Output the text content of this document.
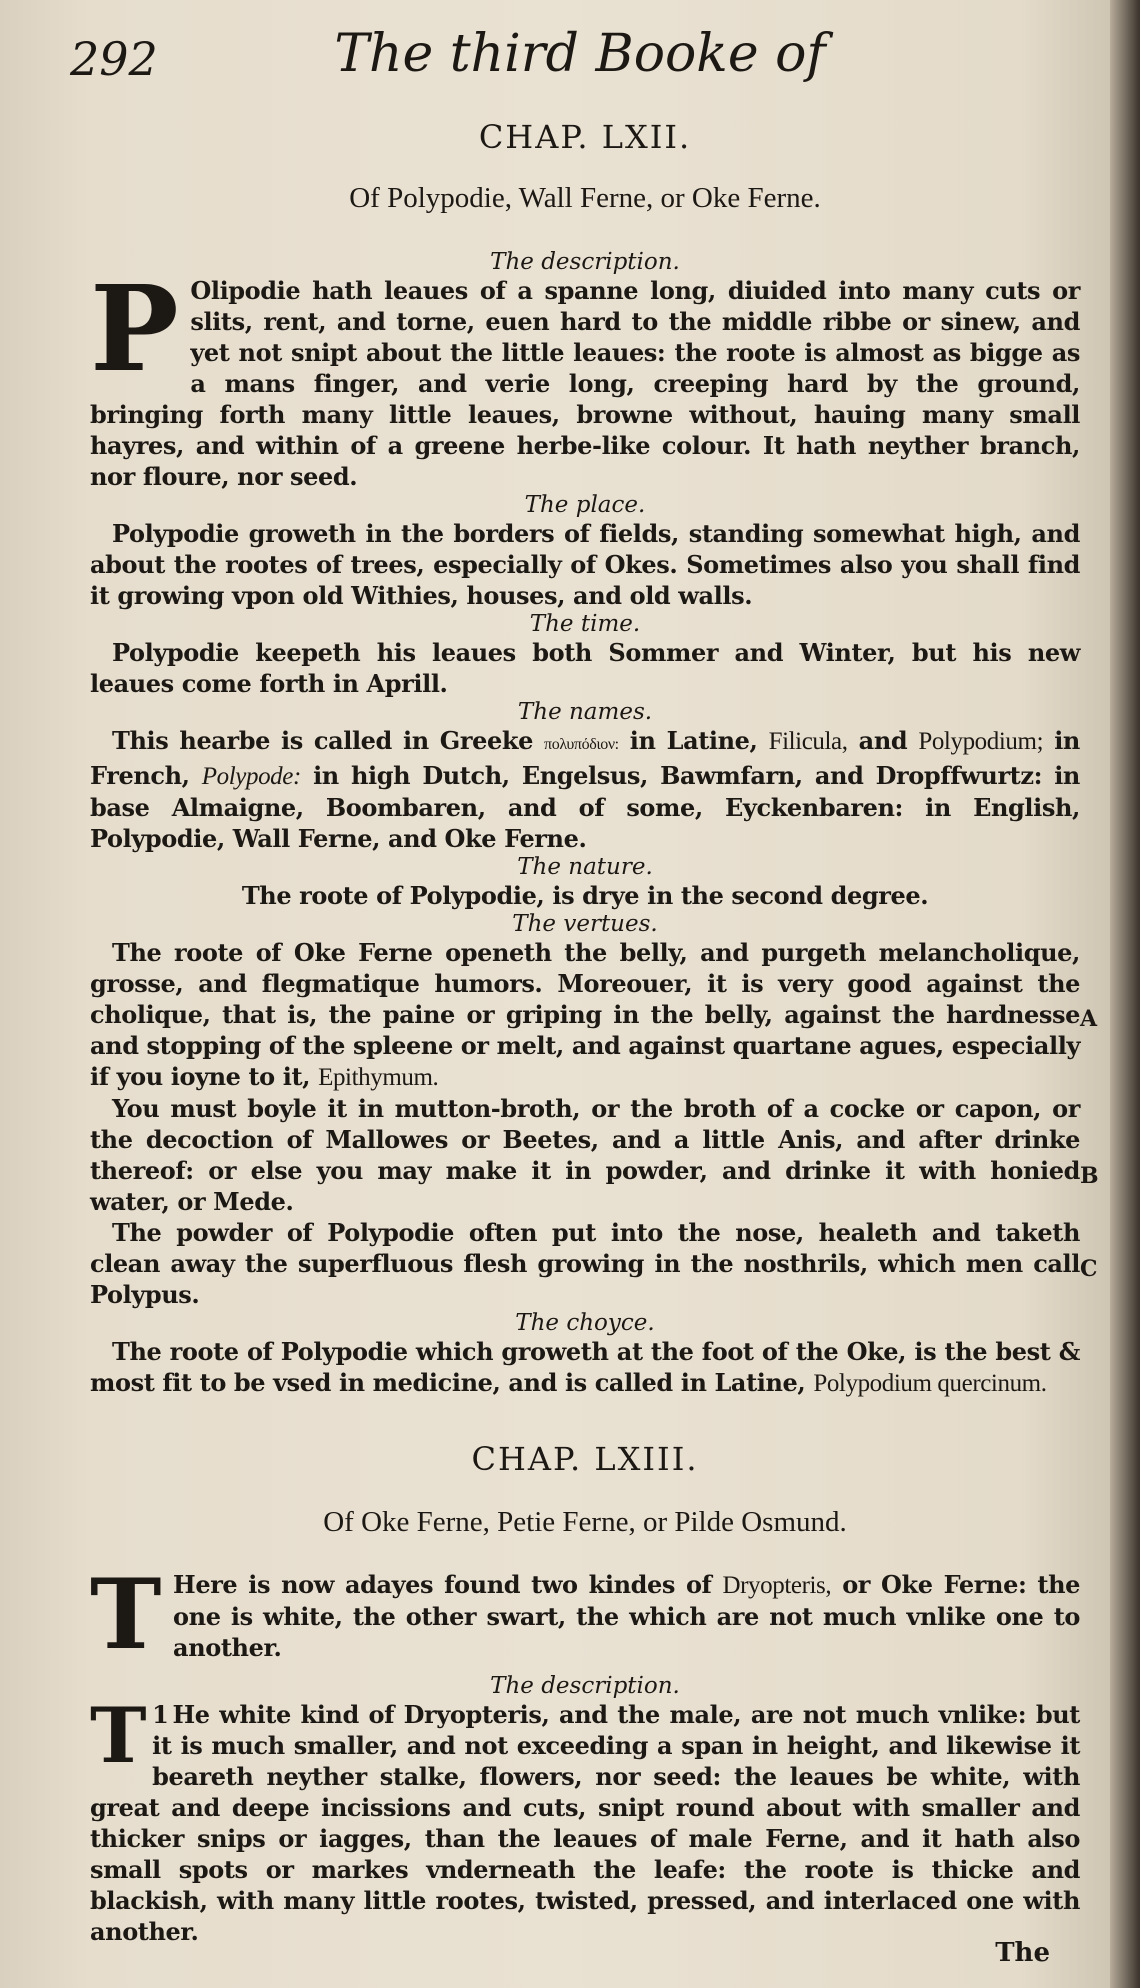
292	The third Booke of

CHAP. LXII.

Of Polypodie, Wall Ferne, or Oke Ferne.

The description.

P Olipodie hath leaues of a spanne long, diuided into many cuts or slits, rent, and torne, euen hard to the middle ribbe or sinew, and yet not snipt about the little leaues: the roote is almost as bigge as a mans finger, and verie long, creeping hard by the ground, bringing forth many little leaues, browne without, hauing many small hayres, and within of a greene herbe-like colour. It hath neyther branch, nor floure, nor seed.

The place.

Polypodie groweth in the borders of fields, standing somewhat high, and about the rootes of trees, especially of Okes. Sometimes also you shall find it growing vpon old Withies, houses, and old walls.

The time.

Polypodie keepeth his leaues both Sommer and Winter, but his new leaues come forth in Aprill.

The names.

This hearbe is called in Greeke πολυπόδιον: in Latine, Filicula, and Polypodium; in French, Polypode: in high Dutch, Engelsus, Bawmfarn, and Dropffwurtz: in base Almaigne, Boombaren, and of some, Eyckenbaren: in English, Polypodie, Wall Ferne, and Oke Ferne.

The nature.

The roote of Polypodie, is drye in the second degree.

The vertues.

The roote of Oke Ferne openeth the belly, and purgeth melancholique, grosse, and flegmatique humors. Moreouer, it is very good against the cholique, that is, the paine or griping in the belly, against the hardnesse and stopping of the spleene or melt, and against quartane agues, especially if you ioyne to it, Epithymum.

You must boyle it in mutton-broth, or the broth of a cocke or capon, or the decoction of Mallowes or Beetes, and a little Anis, and after drinke thereof: or else you may make it in powder, and drinke it with honied water, or Mede.

The powder of Polypodie often put into the nose, healeth and taketh clean away the superfluous flesh growing in the nosthrils, which men call Polypus.

The choyce.

The roote of Polypodie which groweth at the foot of the Oke, is the best & most fit to be vsed in medicine, and is called in Latine, Polypodium quercinum.

CHAP. LXIII.

Of Oke Ferne, Petie Ferne, or Pilde Osmund.

T Here is now adayes found two kindes of Dryopteris, or Oke Ferne: the one is white, the other swart, the which are not much vnlike one to another.

The description.

1
T He white kind of Dryopteris, and the male, are not much vnlike: but it is much smaller, and not exceeding a span in height, and likewise it beareth neyther stalke, flowers, nor seed: the leaues be white, with great and deepe incissions and cuts, snipt round about with smaller and thicker snips or iagges, than the leaues of male Ferne, and it hath also small spots or markes vnderneath the leafe: the roote is thicke and blackish, with many little rootes, twisted, pressed, and interlaced one with another.

A
B
C
The
